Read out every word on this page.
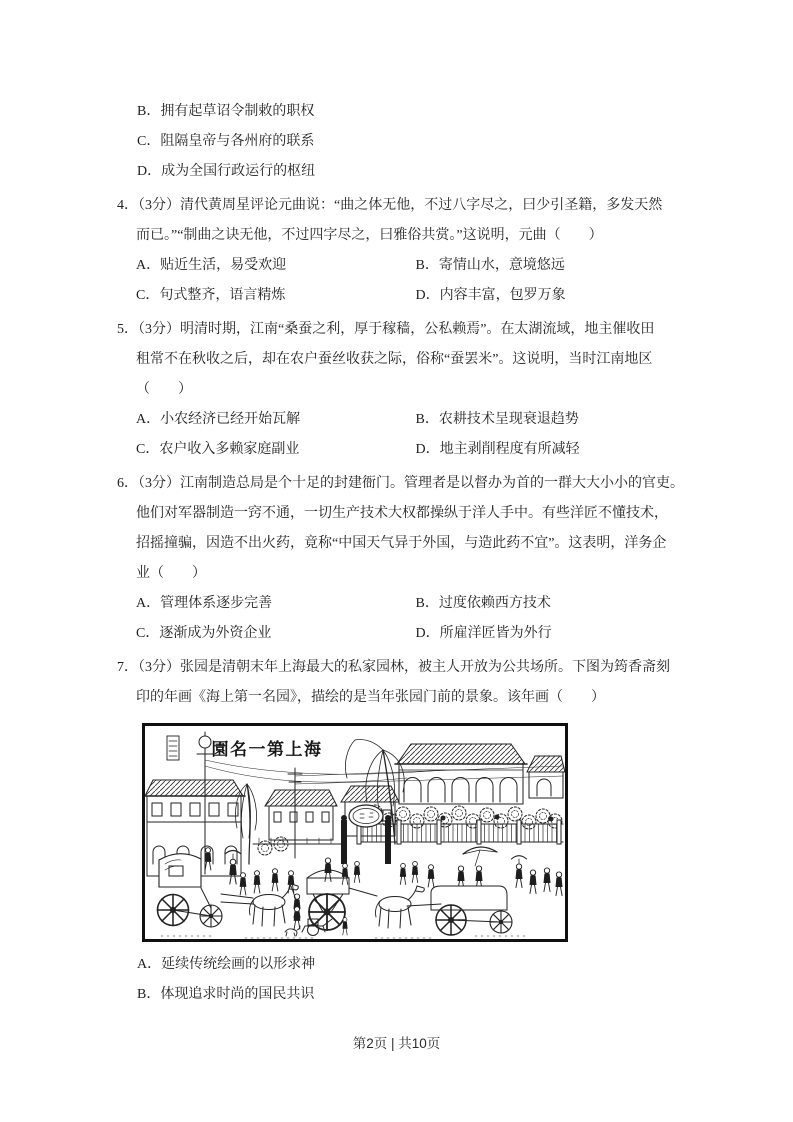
B．拥有起草诏令制敕的职权
C．阻隔皇帝与各州府的联系
D．成为全国行政运行的枢纽
4．（3分）清代黄周星评论元曲说：“曲之体无他，不过八字尽之，曰少引圣籍，多发天然
而已。”“制曲之诀无他，不过四字尽之，曰雅俗共赏。”这说明，元曲（　　）
A．贴近生活，易受欢迎	B．寄情山水，意境悠远
C．句式整齐，语言精炼	D．内容丰富，包罗万象
5．（3分）明清时期，江南“桑蚕之利，厚于稼穑，公私赖焉”。在太湖流域，地主催收田
租常不在秋收之后，却在农户蚕丝收获之际，俗称“蚕罢米”。这说明，当时江南地区
（　　）
A．小农经济已经开始瓦解	B．农耕技术呈现衰退趋势
C．农户收入多赖家庭副业	D．地主剥削程度有所减轻
6．（3分）江南制造总局是个十足的封建衙门。管理者是以督办为首的一群大大小小的官吏。
他们对军器制造一窍不通，一切生产技术大权都操纵于洋人手中。有些洋匠不懂技术，
招摇撞骗，因造不出火药，竟称“中国天气异于外国，与造此药不宜”。这表明，洋务企
业（　　）
A．管理体系逐步完善	B．过度依赖西方技术
C．逐渐成为外资企业	D．所雇洋匠皆为外行
7．（3分）张园是清朝末年上海最大的私家园林，被主人开放为公共场所。下图为筠香斋刻
印的年画《海上第一名园》，描绘的是当年张园门前的景象。该年画（　　）
園名一第上海
A．延续传统绘画的以形求神
B．体现追求时尚的国民共识
第2页 | 共10页
